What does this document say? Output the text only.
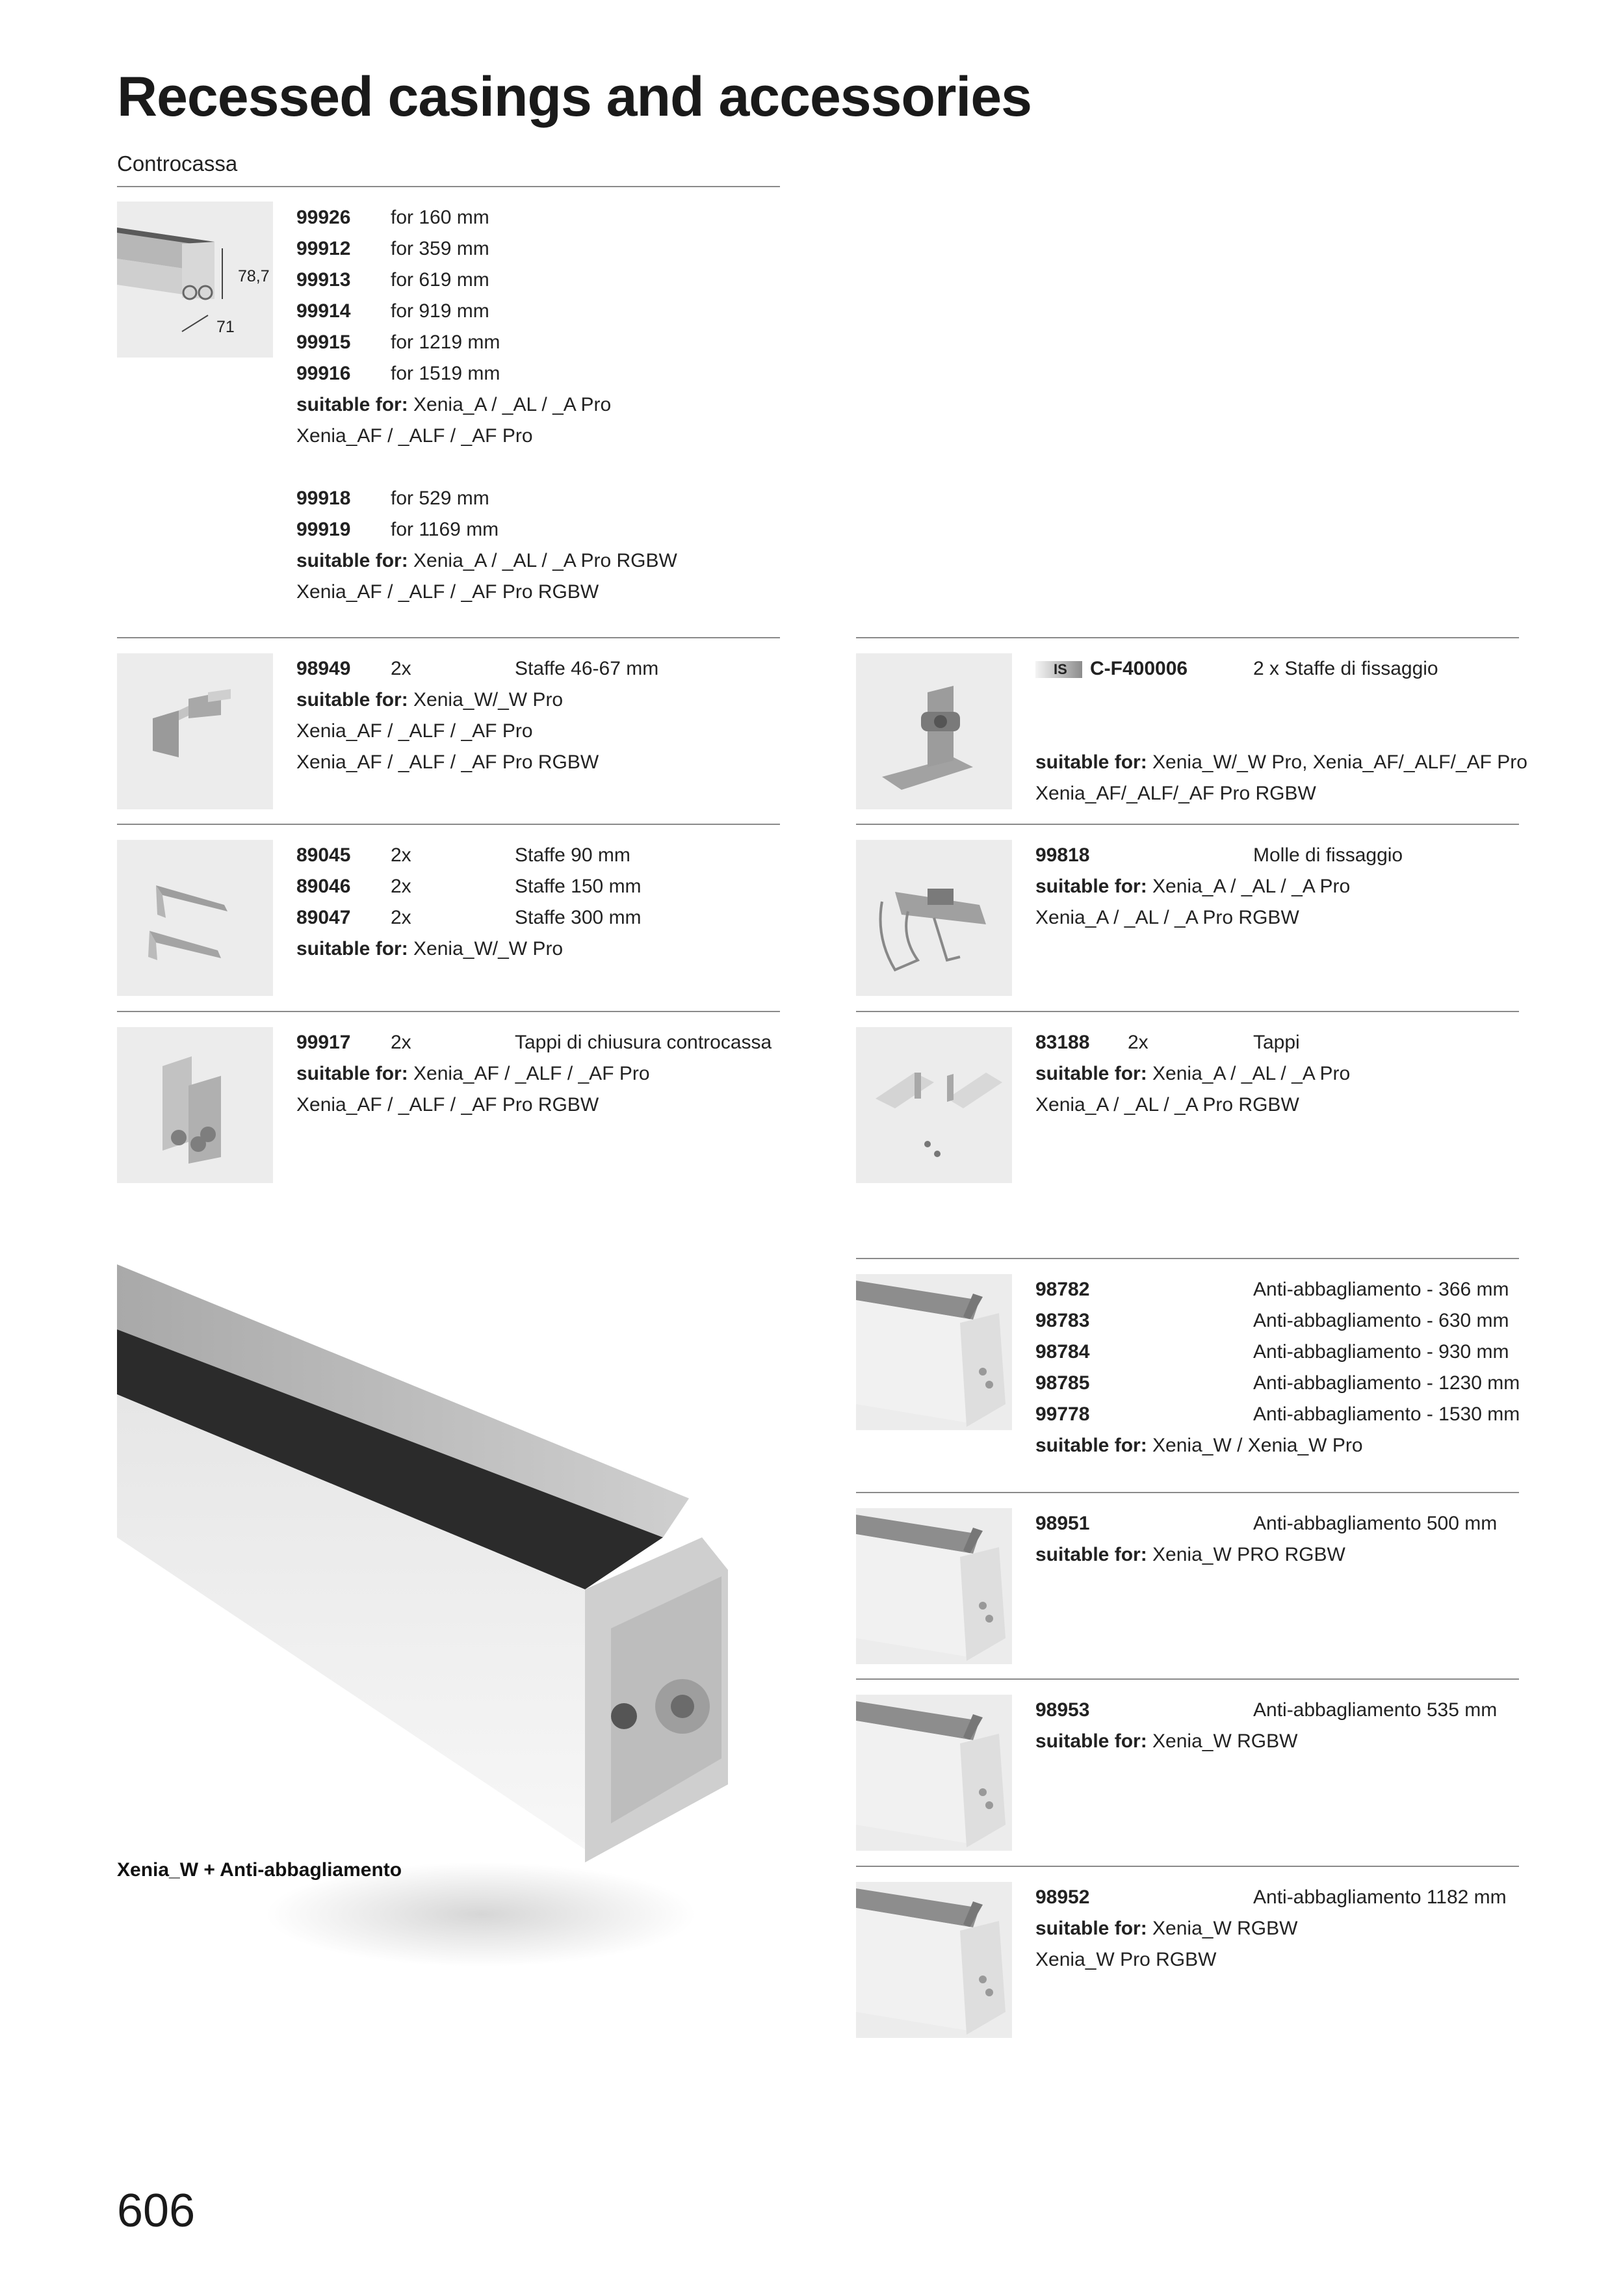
Recessed casings and accessories
Controcassa
78,7
71
99926 for 160 mm
99912 for 359 mm
99913 for 619 mm
99914 for 919 mm
99915 for 1219 mm
99916 for 1519 mm
suitable for: Xenia_A / _AL / _A Pro
Xenia_AF / _ALF / _AF Pro
99918 for 529 mm
99919 for 1169 mm
suitable for: Xenia_A / _AL / _A Pro RGBW
Xenia_AF / _ALF / _AF Pro RGBW
98949 2x	Staffe 46-67 mm
suitable for: Xenia_W/_W Pro
Xenia_AF / _ALF / _AF Pro
Xenia_AF / _ALF / _AF Pro RGBW
IS C-F400006	2 x Staffe di fissaggio
suitable for: Xenia_W/_W Pro, Xenia_AF/_ALF/_AF Pro
Xenia_AF/_ALF/_AF Pro RGBW
89045 2x	Staffe 90 mm
89046 2x	Staffe 150 mm
89047 2x	Staffe 300 mm
suitable for: Xenia_W/_W Pro
99818	Molle di fissaggio
suitable for: Xenia_A / _AL / _A Pro
Xenia_A / _AL / _A Pro RGBW
99917 2x	Tappi di chiusura controcassa
suitable for: Xenia_AF / _ALF / _AF Pro
Xenia_AF / _ALF / _AF Pro RGBW
83188 2x	Tappi
suitable for: Xenia_A / _AL / _A Pro
Xenia_A / _AL / _A Pro RGBW
Xenia_W + Anti-abbagliamento
98782	Anti-abbagliamento - 366 mm
98783	Anti-abbagliamento - 630 mm
98784	Anti-abbagliamento - 930 mm
98785	Anti-abbagliamento - 1230 mm
99778	Anti-abbagliamento - 1530 mm
suitable for: Xenia_W / Xenia_W Pro
98951	Anti-abbagliamento 500 mm
suitable for: Xenia_W PRO RGBW
98953	Anti-abbagliamento 535 mm
suitable for: Xenia_W RGBW
98952	Anti-abbagliamento 1182 mm
suitable for: Xenia_W RGBW
Xenia_W Pro RGBW
606
